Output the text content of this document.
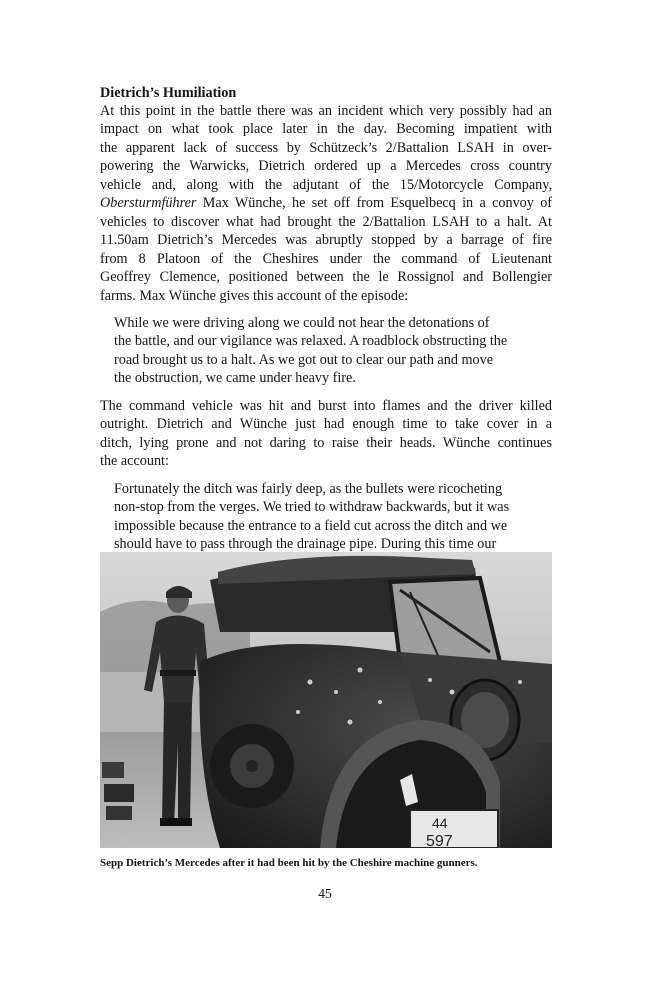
Dietrich’s Humiliation

At this point in the battle there was an incident which very possibly had an
impact on what took place later in the day. Becoming impatient with
the apparent lack of success by Schützeck’s 2/Battalion LSAH in over-
powering the Warwicks, Dietrich ordered up a Mercedes cross country
vehicle and, along with the adjutant of the 15/Motorcycle Company,
Obersturmführer Max Wünche, he set off from Esquelbecq in a convoy of
vehicles to discover what had brought the 2/Battalion LSAH to a halt. At
11.50am Dietrich’s Mercedes was abruptly stopped by a barrage of fire
from 8 Platoon of the Cheshires under the command of Lieutenant
Geoffrey Clemence, positioned between the le Rossignol and Bollengier
farms. Max Wünche gives this account of the episode:

While we were driving along we could not hear the detonations of
the battle, and our vigilance was relaxed. A roadblock obstructing the
road brought us to a halt. As we got out to clear our path and move
the obstruction, we came under heavy fire.

The command vehicle was hit and burst into flames and the driver killed
outright. Dietrich and Wünche just had enough time to take cover in a
ditch, lying prone and not daring to raise their heads. Wünche continues
the account:

Fortunately the ditch was fairly deep, as the bullets were ricocheting
non-stop from the verges. We tried to withdraw backwards, but it was
impossible because the entrance to a field cut across the ditch and we
should have to pass through the drainage pipe. During this time our

44
597
Sepp Dietrich’s Mercedes after it had been hit by the Cheshire machine gunners.
45
